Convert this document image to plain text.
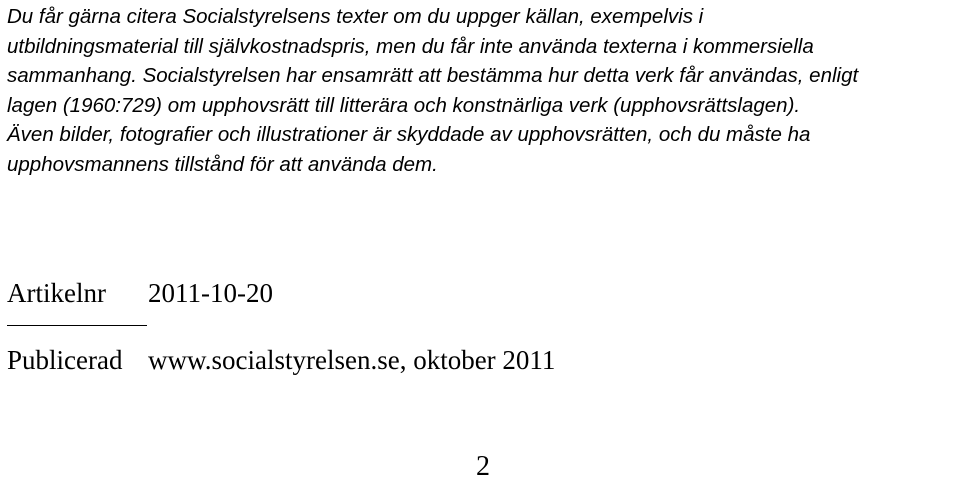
Du får gärna citera Socialstyrelsens texter om du uppger källan, exempelvis i
utbildningsmaterial till självkostnadspris, men du får inte använda texterna i kommersiella
sammanhang. Socialstyrelsen har ensamrätt att bestämma hur detta verk får användas, enligt
lagen (1960:729) om upphovsrätt till litterära och konstnärliga verk (upphovsrättslagen).
Även bilder, fotografier och illustrationer är skyddade av upphovsrätten, och du måste ha
upphovsmannens tillstånd för att använda dem.

Artikelnr 2011-10-20
Publicerad www.socialstyrelsen.se, oktober 2011
2
